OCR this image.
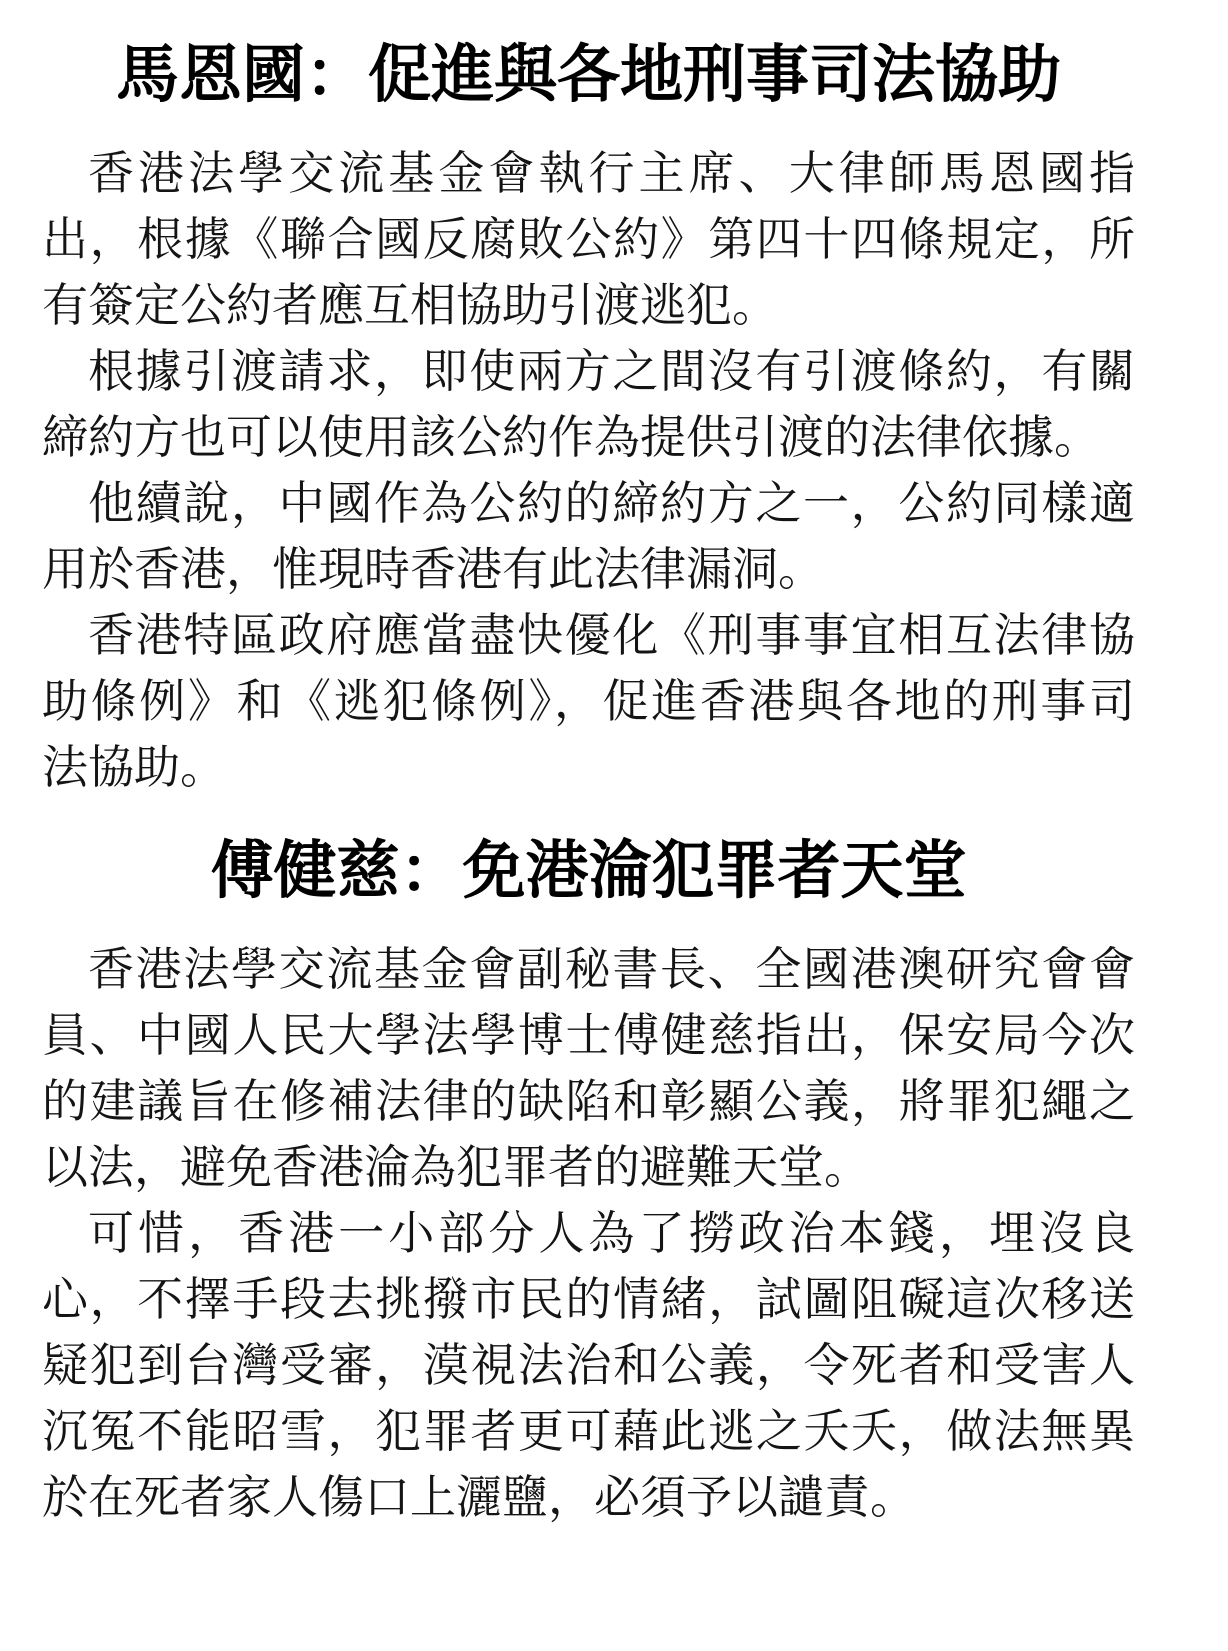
馬恩國：促進與各地刑事司法協助
香港法學交流基金會執行主席、大律師馬恩國指
出，根據《聯合國反腐敗公約》第四十四條規定，所
有簽定公約者應互相協助引渡逃犯。
根據引渡請求，即使兩方之間沒有引渡條約，有關
締約方也可以使用該公約作為提供引渡的法律依據。
他續說，中國作為公約的締約方之一，公約同樣適
用於香港，惟現時香港有此法律漏洞。
香港特區政府應當盡快優化《刑事事宜相互法律協
助條例》和《逃犯條例》，促進香港與各地的刑事司
法協助。
傅健慈：免港淪犯罪者天堂
香港法學交流基金會副秘書長、全國港澳研究會會
員、中國人民大學法學博士傅健慈指出，保安局今次
的建議旨在修補法律的缺陷和彰顯公義，將罪犯繩之
以法，避免香港淪為犯罪者的避難天堂。
可惜，香港一小部分人為了撈政治本錢，埋沒良
心，不擇手段去挑撥市民的情緒，試圖阻礙這次移送
疑犯到台灣受審，漠視法治和公義，令死者和受害人
沉冤不能昭雪，犯罪者更可藉此逃之夭夭，做法無異
於在死者家人傷口上灑鹽，必須予以譴責。
